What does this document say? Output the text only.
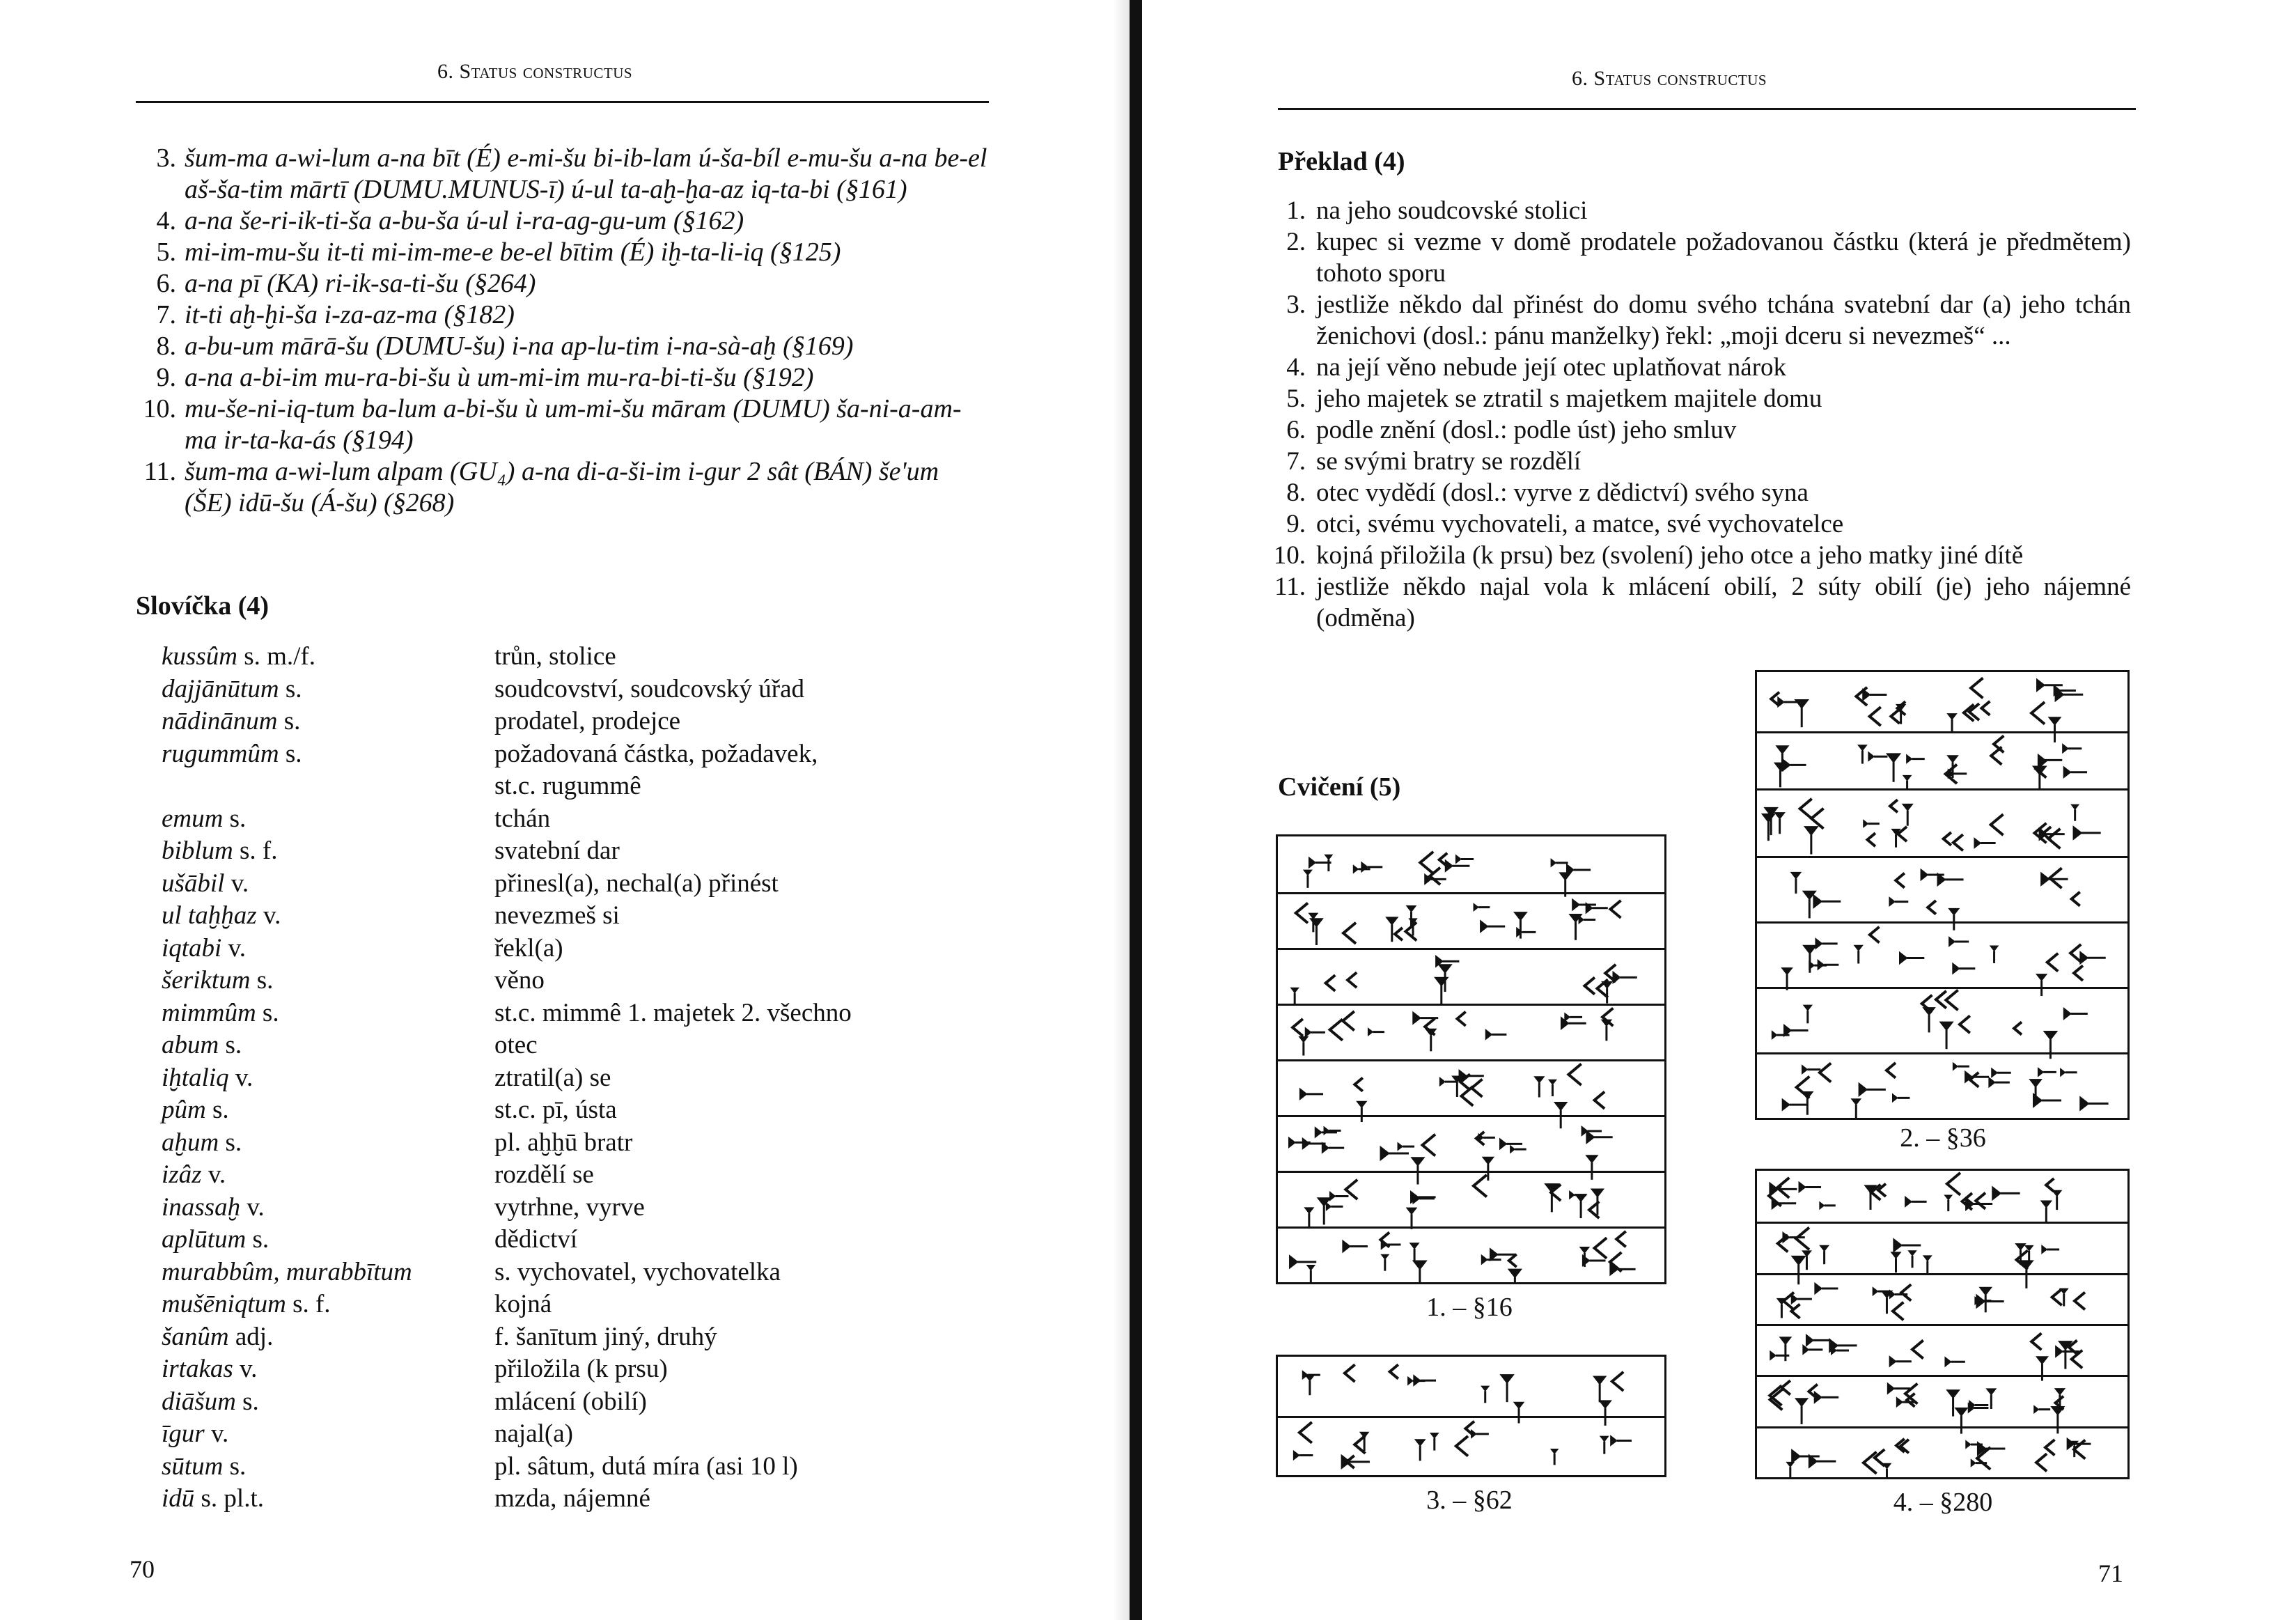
6. Status constructus
3. šum-ma a-wi-lum a-na bīt (É) e-mi-šu bi-ib-lam ú-ša-bíl e-mu-šu a-na be-el aš-ša-tim mārtī (DUMU.MUNUS-ī) ú-ul ta-aḫ-ḫa-az iq-ta-bi (§161)
4. a-na še-ri-ik-ti-ša a-bu-ša ú-ul i-ra-ag-gu-um (§162)
5. mi-im-mu-šu it-ti mi-im-me-e be-el bītim (É) iḫ-ta-li-iq (§125)
6. a-na pī (KA) ri-ik-sa-ti-šu (§264)
7. it-ti aḫ-ḫi-ša i-za-az-ma (§182)
8. a-bu-um mārā-šu (DUMU-šu) i-na ap-lu-tim i-na-sà-aḫ (§169)
9. a-na a-bi-im mu-ra-bi-šu ù um-mi-im mu-ra-bi-ti-šu (§192)
10. mu-še-ni-iq-tum ba-lum a-bi-šu ù um-mi-šu māram (DUMU) ša-ni-a-am-ma ir-ta-ka-ás (§194)
11. šum-ma a-wi-lum alpam (GU₄) a-na di-a-ši-im i-gur 2 sât (BÁN) še'um (ŠE) idū-šu (Á-šu) (§268)
Slovíčka (4)
kussûm s. m./f.	trůn, stolice
dajjānūtum s.	soudcovství, soudcovský úřad
nādinānum s.	prodatel, prodejce
rugummûm s.	požadovaná částka, požadavek,
st.c. rugummê
emum s.	tchán
biblum s. f.	svatební dar
ušābil v.	přinesl(a), nechal(a) přinést
ul taḫḫaz v.	nevezmeš si
iqtabi v.	řekl(a)
šeriktum s.	věno
mimmûm s.	st.c. mimmê 1. majetek 2. všechno
abum s.	otec
iḫtaliq v.	ztratil(a) se
pûm s.	st.c. pī, ústa
aḫum s.	pl. aḫḫū bratr
izâz v.	rozdělí se
inassaḫ v.	vytrhne, vyrve
aplūtum s.	dědictví
murabbûm, murabbītum	s. vychovatel, vychovatelka
mušēniqtum s. f.	kojná
šanûm adj.	f. šanītum jiný, druhý
irtakas v.	přiložila (k prsu)
diāšum s.	mlácení (obilí)
īgur v.	najal(a)
sūtum s.	pl. sâtum, dutá míra (asi 10 l)
idū s. pl.t.	mzda, nájemné
70
6. Status constructus
Překlad (4)
1. na jeho soudcovské stolici
2. kupec si vezme v domě prodatele požadovanou částku (která je předmětem) tohoto sporu
3. jestliže někdo dal přinést do domu svého tchána svatební dar (a) jeho tchán ženichovi (dosl.: pánu manželky) řekl: „moji dceru si nevezmeš“ ...
4. na její věno nebude její otec uplatňovat nárok
5. jeho majetek se ztratil s majetkem majitele domu
6. podle znění (dosl.: podle úst) jeho smluv
7. se svými bratry se rozdělí
8. otec vydědí (dosl.: vyrve z dědictví) svého syna
9. otci, svému vychovateli, a matce, své vychovatelce
10. kojná přiložila (k prsu) bez (svolení) jeho otce a jeho matky jiné dítě
11. jestliže někdo najal vola k mlácení obilí, 2 súty obilí (je) jeho nájemné (odměna)
Cvičení (5)
1. – §16
3. – §62
2. – §36
4. – §280
71
